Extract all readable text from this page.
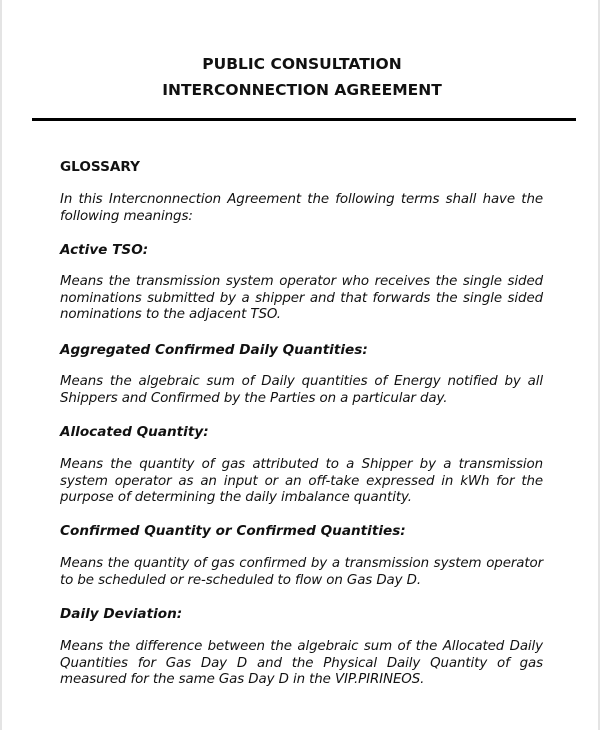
PUBLIC CONSULTATION
INTERCONNECTION AGREEMENT
GLOSSARY
In this Intercnonnection Agreement the following terms shall have the following meanings:
Active TSO:
Means the transmission system operator who receives the single sided nominations submitted by a shipper and that forwards the single sided nominations to the adjacent TSO.
Aggregated Confirmed Daily Quantities:
Means the algebraic sum of Daily quantities of Energy notified by all Shippers and Confirmed by the Parties on a particular day.
Allocated Quantity:
Means the quantity of gas attributed to a Shipper by a transmission system operator as an input or an off-take expressed in kWh for the purpose of determining the daily imbalance quantity.
Confirmed Quantity or Confirmed Quantities:
Means the quantity of gas confirmed by a transmission system operator to be scheduled or re-scheduled to flow on Gas Day D.
Daily Deviation:
Means the difference between the algebraic sum of the Allocated Daily Quantities for Gas Day D and the Physical Daily Quantity of gas measured for the same Gas Day D in the VIP.PIRINEOS.
